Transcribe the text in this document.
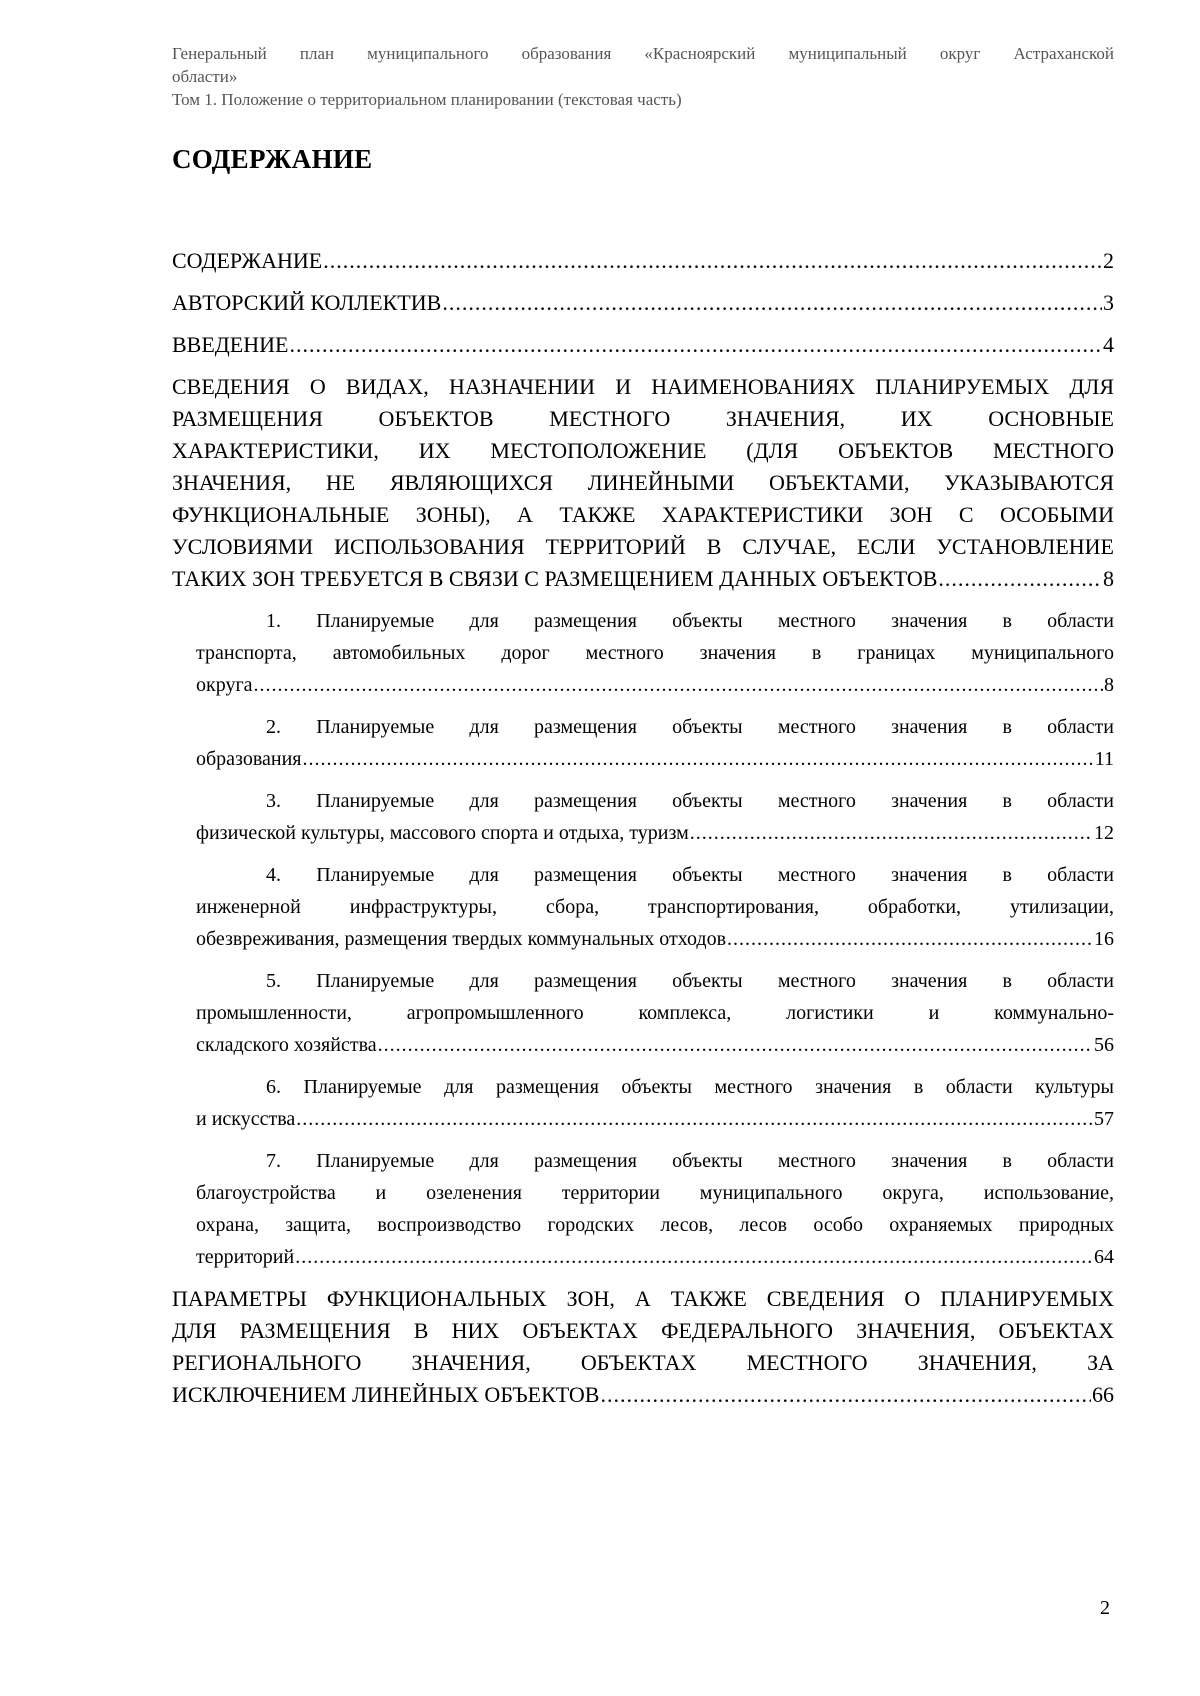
Генеральный план муниципального образования «Красноярский муниципальный округ Астраханской
области»
Том 1. Положение о территориальном планировании (текстовая часть)
СОДЕРЖАНИЕ
СОДЕРЖАНИЕ .....	2
АВТОРСКИЙ КОЛЛЕКТИВ .....	3
ВВЕДЕНИЕ .....	4
СВЕДЕНИЯ О ВИДАХ, НАЗНАЧЕНИИ И НАИМЕНОВАНИЯХ ПЛАНИРУЕМЫХ ДЛЯ
РАЗМЕЩЕНИЯ ОБЪЕКТОВ МЕСТНОГО ЗНАЧЕНИЯ, ИХ ОСНОВНЫЕ
ХАРАКТЕРИСТИКИ, ИХ МЕСТОПОЛОЖЕНИЕ (ДЛЯ ОБЪЕКТОВ МЕСТНОГО
ЗНАЧЕНИЯ, НЕ ЯВЛЯЮЩИХСЯ ЛИНЕЙНЫМИ ОБЪЕКТАМИ, УКАЗЫВАЮТСЯ
ФУНКЦИОНАЛЬНЫЕ ЗОНЫ), А ТАКЖЕ ХАРАКТЕРИСТИКИ ЗОН С ОСОБЫМИ
УСЛОВИЯМИ ИСПОЛЬЗОВАНИЯ ТЕРРИТОРИЙ В СЛУЧАЕ, ЕСЛИ УСТАНОВЛЕНИЕ
ТАКИХ ЗОН ТРЕБУЕТСЯ В СВЯЗИ С РАЗМЕЩЕНИЕМ ДАННЫХ ОБЪЕКТОВ .....	8
1. Планируемые для размещения объекты местного значения в области
транспорта, автомобильных дорог местного значения в границах муниципального
округа .....	8
2. Планируемые для размещения объекты местного значения в области
образования .....	11
3. Планируемые для размещения объекты местного значения в области
физической культуры, массового спорта и отдыха, туризм .....	12
4. Планируемые для размещения объекты местного значения в области
инженерной инфраструктуры, сбора, транспортирования, обработки, утилизации,
обезвреживания, размещения твердых коммунальных отходов .....	16
5. Планируемые для размещения объекты местного значения в области
промышленности, агропромышленного комплекса, логистики и коммунально-
складского хозяйства .....	56
6. Планируемые для размещения объекты местного значения в области культуры
и искусства .....	57
7. Планируемые для размещения объекты местного значения в области
благоустройства и озеленения территории муниципального округа, использование,
охрана, защита, воспроизводство городских лесов, лесов особо охраняемых природных
территорий .....	64
ПАРАМЕТРЫ ФУНКЦИОНАЛЬНЫХ ЗОН, А ТАКЖЕ СВЕДЕНИЯ О ПЛАНИРУЕМЫХ
ДЛЯ РАЗМЕЩЕНИЯ В НИХ ОБЪЕКТАХ ФЕДЕРАЛЬНОГО ЗНАЧЕНИЯ, ОБЪЕКТАХ
РЕГИОНАЛЬНОГО ЗНАЧЕНИЯ, ОБЪЕКТАХ МЕСТНОГО ЗНАЧЕНИЯ, ЗА
ИСКЛЮЧЕНИЕМ ЛИНЕЙНЫХ ОБЪЕКТОВ .....	66
2
